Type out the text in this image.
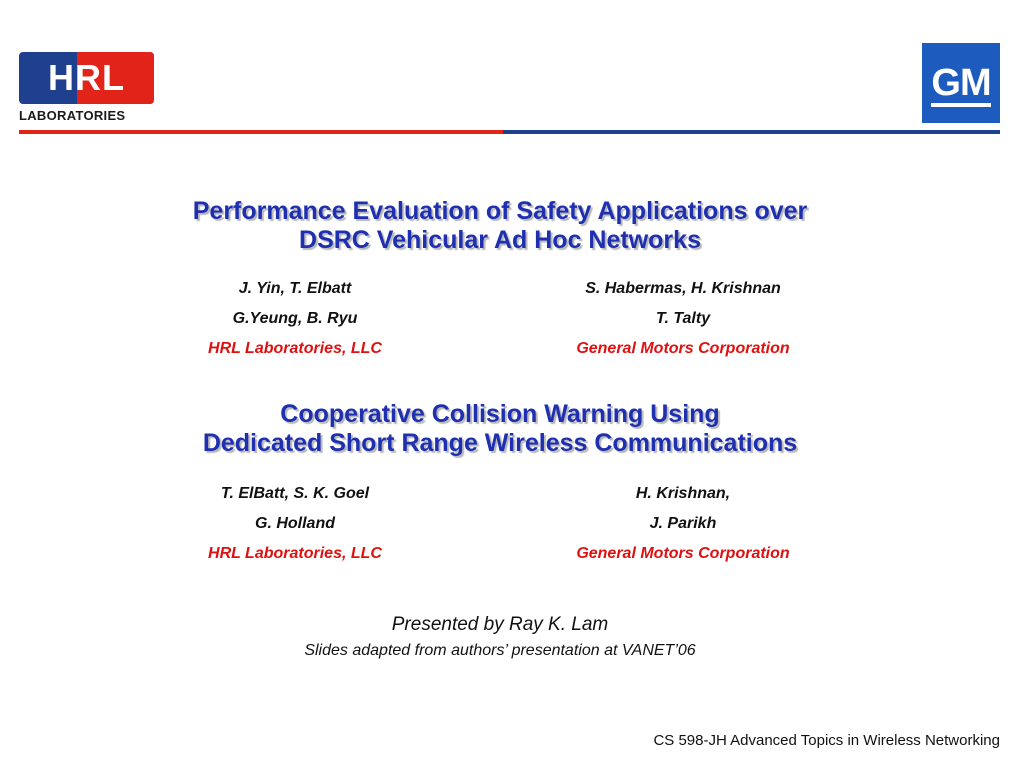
HRL
LABORATORIES
GM
Performance Evaluation of Safety Applications over
DSRC Vehicular Ad Hoc Networks
J. Yin, T. Elbatt
G.Yeung, B. Ryu
HRL Laboratories, LLC
S. Habermas, H. Krishnan
T. Talty
General Motors Corporation
Cooperative Collision Warning Using
Dedicated Short Range Wireless Communications
T. ElBatt, S. K. Goel
G. Holland
HRL Laboratories, LLC
H. Krishnan,
J. Parikh
General Motors Corporation
Presented by Ray K. Lam
Slides adapted from authors’ presentation at VANET’06
CS 598-JH Advanced Topics in Wireless Networking
